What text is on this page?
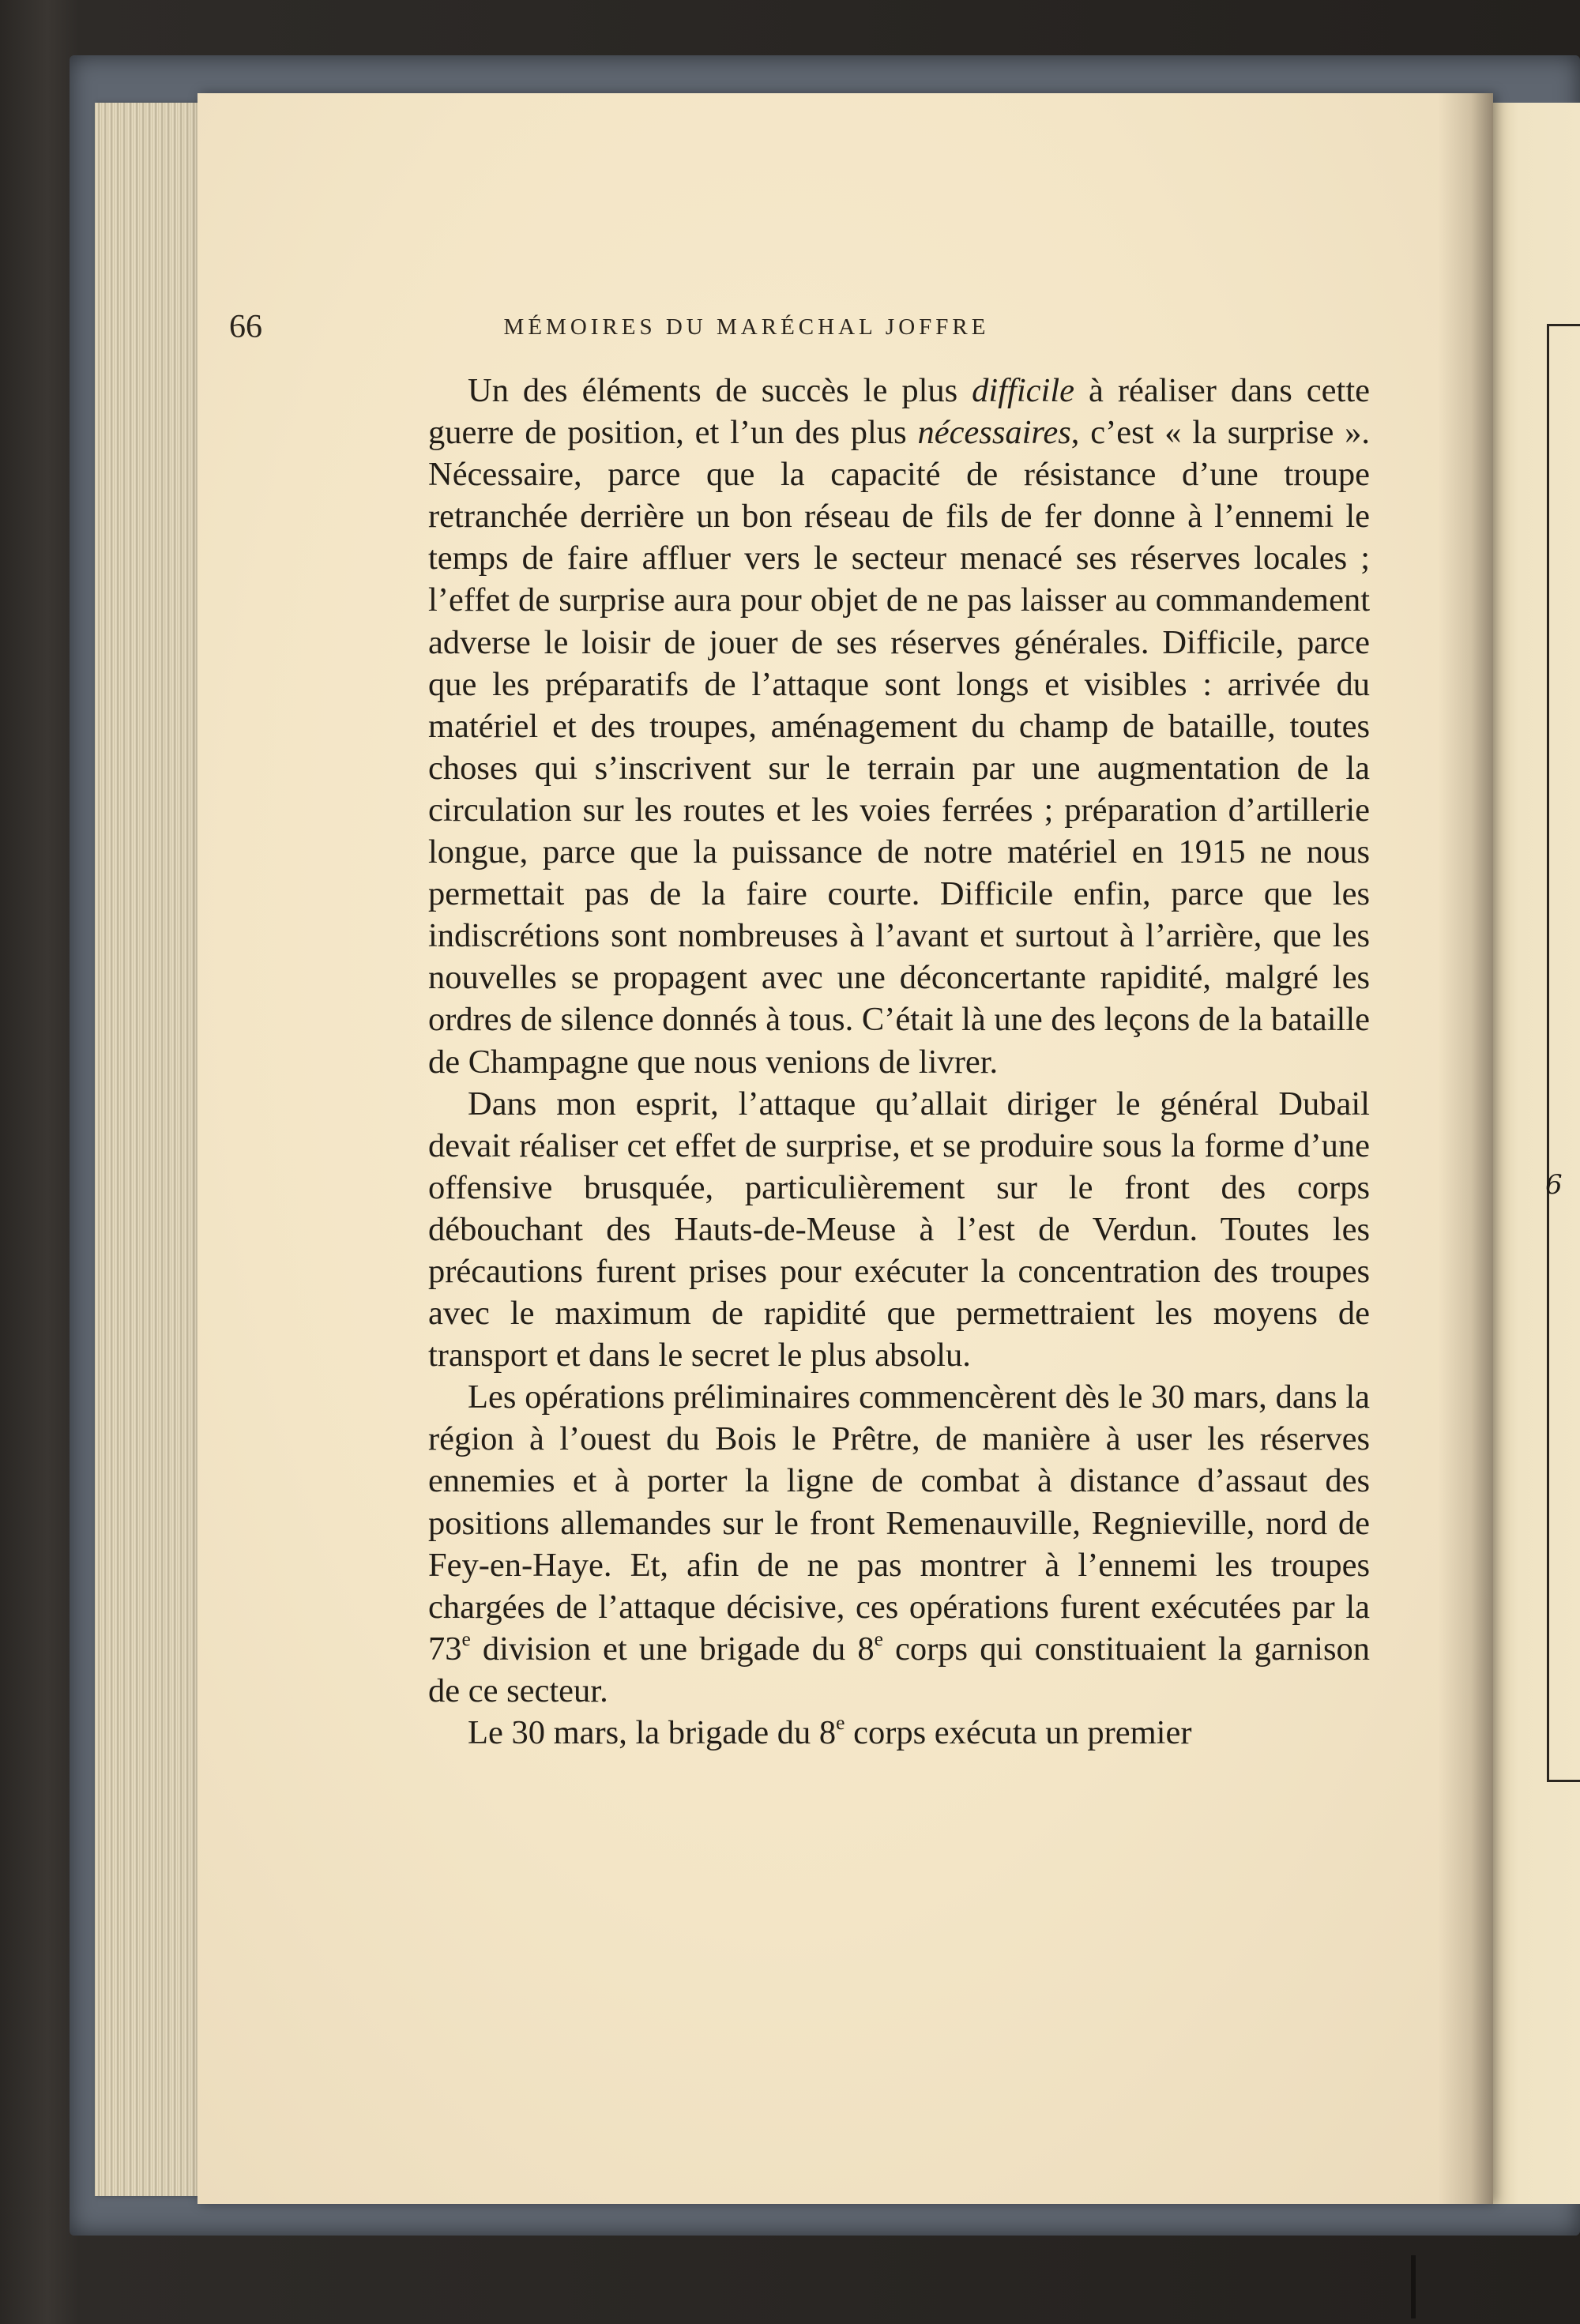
6
66	MÉMOIRES DU MARÉCHAL JOFFRE

Un des éléments de succès le plus difficile à réaliser dans cette guerre de position, et l’un des plus nécessaires, c’est « la surprise ». Nécessaire, parce que la capacité de résistance d’une troupe retranchée derrière un bon réseau de fils de fer donne à l’ennemi le temps de faire affluer vers le secteur menacé ses réserves locales ; l’effet de surprise aura pour objet de ne pas laisser au commandement adverse le loisir de jouer de ses réserves générales. Difficile, parce que les préparatifs de l’attaque sont longs et visibles : arrivée du matériel et des troupes, aménagement du champ de bataille, toutes choses qui s’inscrivent sur le terrain par une augmentation de la circulation sur les routes et les voies ferrées ; préparation d’artillerie longue, parce que la puissance de notre matériel en 1915 ne nous permettait pas de la faire courte. Difficile enfin, parce que les indiscrétions sont nombreuses à l’avant et surtout à l’arrière, que les nouvelles se propagent avec une déconcertante rapidité, malgré les ordres de silence donnés à tous. C’était là une des leçons de la bataille de Champagne que nous venions de livrer.

Dans mon esprit, l’attaque qu’allait diriger le général Dubail devait réaliser cet effet de surprise, et se produire sous la forme d’une offensive brusquée, particulièrement sur le front des corps débouchant des Hauts-de-Meuse à l’est de Verdun. Toutes les précautions furent prises pour exécuter la concentration des troupes avec le maximum de rapidité que permettraient les moyens de transport et dans le secret le plus absolu.

Les opérations préliminaires commencèrent dès le 30 mars, dans la région à l’ouest du Bois le Prêtre, de manière à user les réserves ennemies et à porter la ligne de combat à distance d’assaut des positions allemandes sur le front Remenauville, Regnieville, nord de Fey-en-Haye. Et, afin de ne pas montrer à l’ennemi les troupes chargées de l’attaque décisive, ces opérations furent exécutées par la 73e division et une brigade du 8e corps qui constituaient la garnison de ce secteur.

Le 30 mars, la brigade du 8e corps exécuta un premier
